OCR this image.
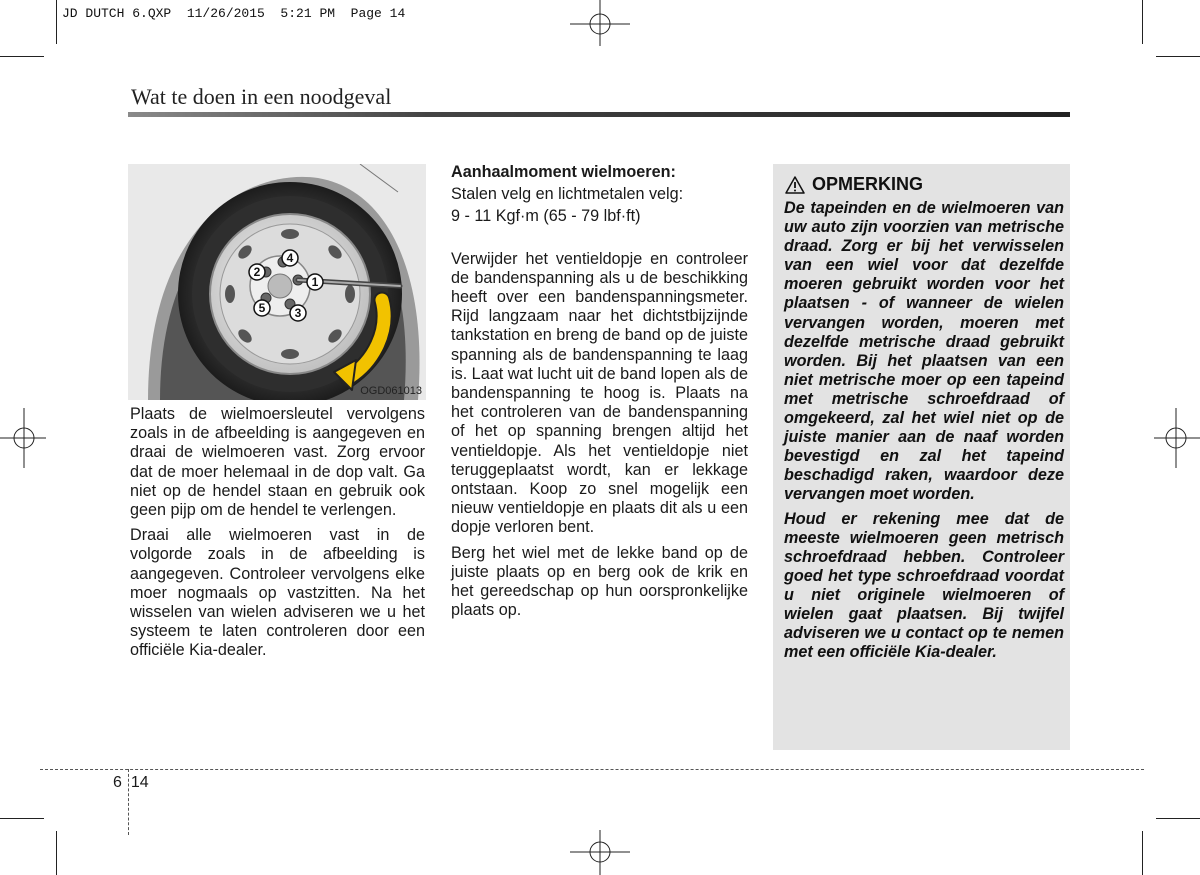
JD DUTCH 6.QXP  11/26/2015  5:21 PM  Page 14
Wat te doen in een noodgeval
1
2
3
4
5
OGD061013

Plaats de wielmoersleutel vervolgens zoals in de afbeelding is aangegeven en draai de wielmoeren vast. Zorg ervoor dat de moer helemaal in de dop valt. Ga niet op de hendel staan en gebruik ook geen pijp om de hendel te verlengen.

Draai alle wielmoeren vast in de volgorde zoals in de afbeelding is aangegeven. Controleer vervolgens elke moer nogmaals op vastzitten. Na het wisselen van wielen adviseren we u het systeem te laten controleren door een officiële Kia-dealer.

Aanhaalmoment wielmoeren:

Stalen velg en lichtmetalen velg:

9 - 11 Kgf·m (65 - 79 lbf·ft)

Verwijder het ventieldopje en controleer de bandenspanning als u de beschikking heeft over een bandenspanningsmeter. Rijd langzaam naar het dichtstbijzijnde tankstation en breng de band op de juiste spanning als de bandenspanning te laag is. Laat wat lucht uit de band lopen als de bandenspanning te hoog is. Plaats na het controleren van de bandenspanning of het op spanning brengen altijd het ventieldopje. Als het ventieldopje niet teruggeplaatst wordt, kan er lekkage ontstaan. Koop zo snel mogelijk een nieuw ventieldopje en plaats dit als u een dopje verloren bent.

Berg het wiel met de lekke band op de juiste plaats op en berg ook de krik en het gereedschap op hun oorspronkelijke plaats op.

OPMERKING

De tapeinden en de wielmoeren van uw auto zijn voorzien van metrische draad. Zorg er bij het verwisselen van een wiel voor dat dezelfde moeren gebruikt worden voor het plaatsen - of wanneer de wielen vervangen worden, moeren met dezelfde metrische draad gebruikt worden. Bij het plaatsen van een niet metrische moer op een tapeind met metrische schroefdraad of omgekeerd, zal het wiel niet op de juiste manier aan de naaf worden bevestigd en zal het tapeind beschadigd raken, waardoor deze vervangen moet worden.

Houd er rekening mee dat de meeste wielmoeren geen metrisch schroefdraad hebben. Controleer goed het type schroefdraad voordat u niet originele wielmoeren of wielen gaat plaatsen. Bij twijfel adviseren we u contact op te nemen met een officiële Kia-dealer.

6 14
